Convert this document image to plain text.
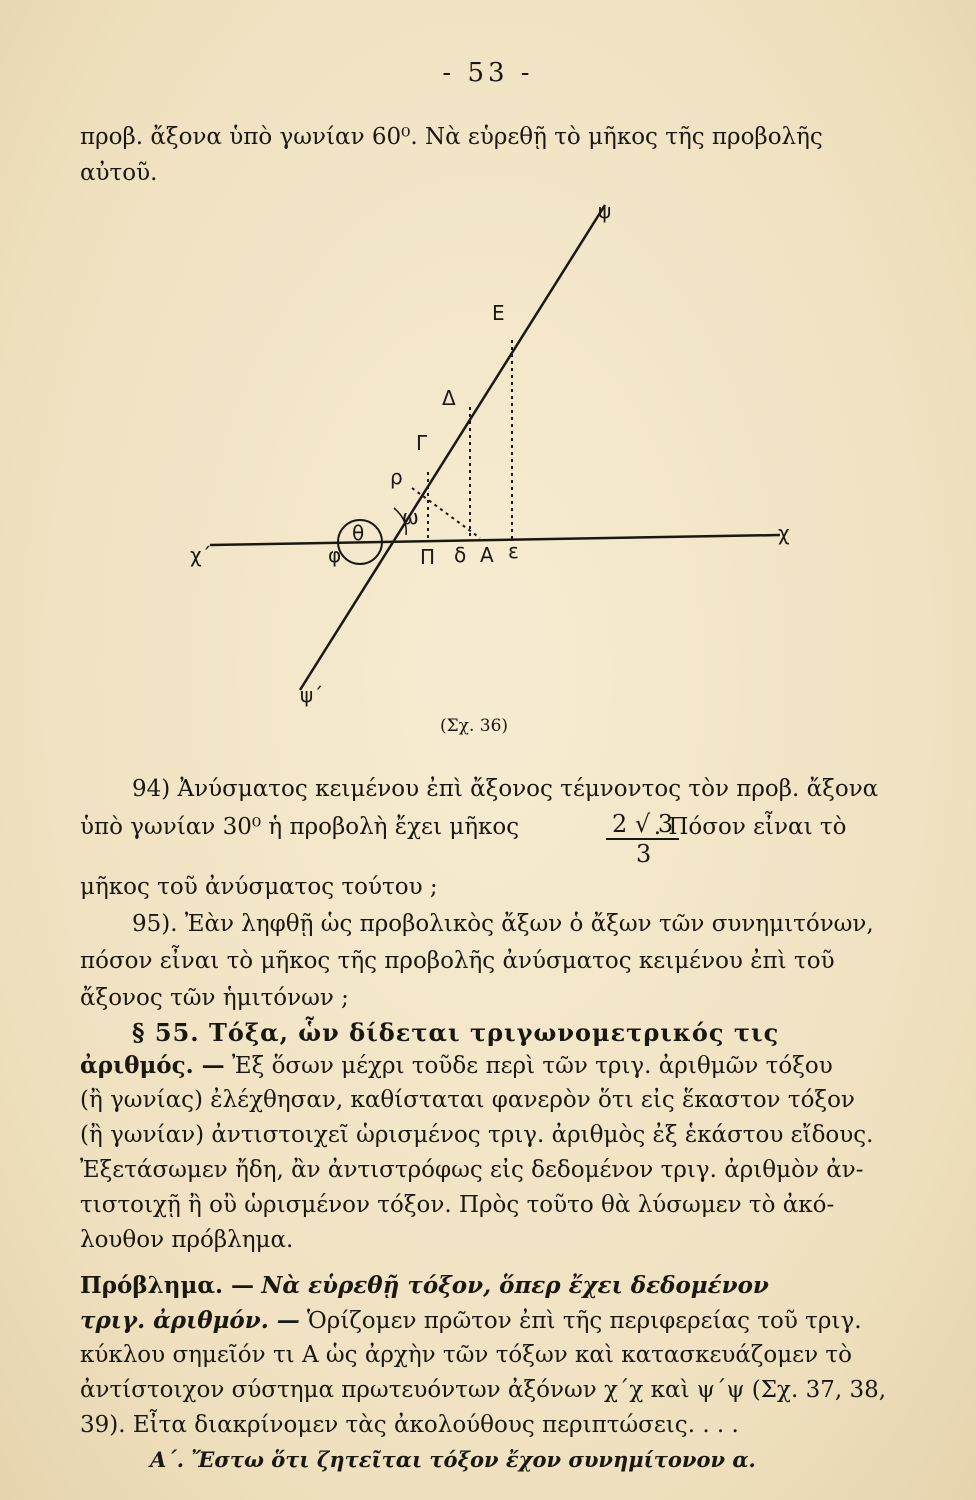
- 53 -
προβ. ἄξονα ὑπὸ γωνίαν 60⁰. Νὰ εὑρεθῇ τὸ μῆκος τῆς προβολῆς
αὐτοῦ.
ψ
ψ΄
χ
χ΄
Ε
Δ
Γ
ρ
ω
θ
φ	Π δ Α ε
(Σχ. 36)
94) Ἀνύσματος κειμένου ἐπὶ ἄξονος τέμνοντος τὸν προβ. ἄξονα
ὑπὸ γωνίαν 30⁰ ἡ προβολὴ ἔχει μῆκος	. Πόσον εἶναι τὸ
2 √ 3
3
μῆκος τοῦ ἀνύσματος τούτου ;
95). Ἐὰν ληφθῇ ὡς προβολικὸς ἄξων ὁ ἄξων τῶν συνημιτόνων,
πόσον εἶναι τὸ μῆκος τῆς προβολῆς ἀνύσματος κειμένου ἐπὶ τοῦ
ἄξονος τῶν ἡμιτόνων ;
§ 55. Τόξα, ὧν δίδεται τριγωνομετρικός τις
ἀριθμός. — Ἐξ ὅσων μέχρι τοῦδε περὶ τῶν τριγ. ἀριθμῶν τόξου
(ἢ γωνίας) ἐλέχθησαν, καθίσταται φανερὸν ὅτι εἰς ἕκαστον τόξον
(ἢ γωνίαν) ἀντιστοιχεῖ ὡρισμένος τριγ. ἀριθμὸς ἐξ ἑκάστου εἴδους.
Ἐξετάσωμεν ἤδη, ἂν ἀντιστρόφως εἰς δεδομένον τριγ. ἀριθμὸν ἀν-
τιστοιχῇ ἢ οὒ ὡρισμένον τόξον. Πρὸς τοῦτο θὰ λύσωμεν τὸ ἀκό-
λουθον πρόβλημα.
Πρόβλημα. — Νὰ εὑρεθῇ τόξον, ὅπερ ἔχει δεδομένον
τριγ. ἀριθμόν. — Ὁρίζομεν πρῶτον ἐπὶ τῆς περιφερείας τοῦ τριγ.
κύκλου σημεῖόν τι Α ὡς ἀρχὴν τῶν τόξων καὶ κατασκευάζομεν τὸ
ἀντίστοιχον σύστημα πρωτευόντων ἀξόνων χ΄χ καὶ ψ΄ψ (Σχ. 37, 38,
39). Εἶτα διακρίνομεν τὰς ἀκολούθους περιπτώσεις. . . .
Α΄. Ἔστω ὅτι ζητεῖται τόξον ἔχον συνημίτονον α.
